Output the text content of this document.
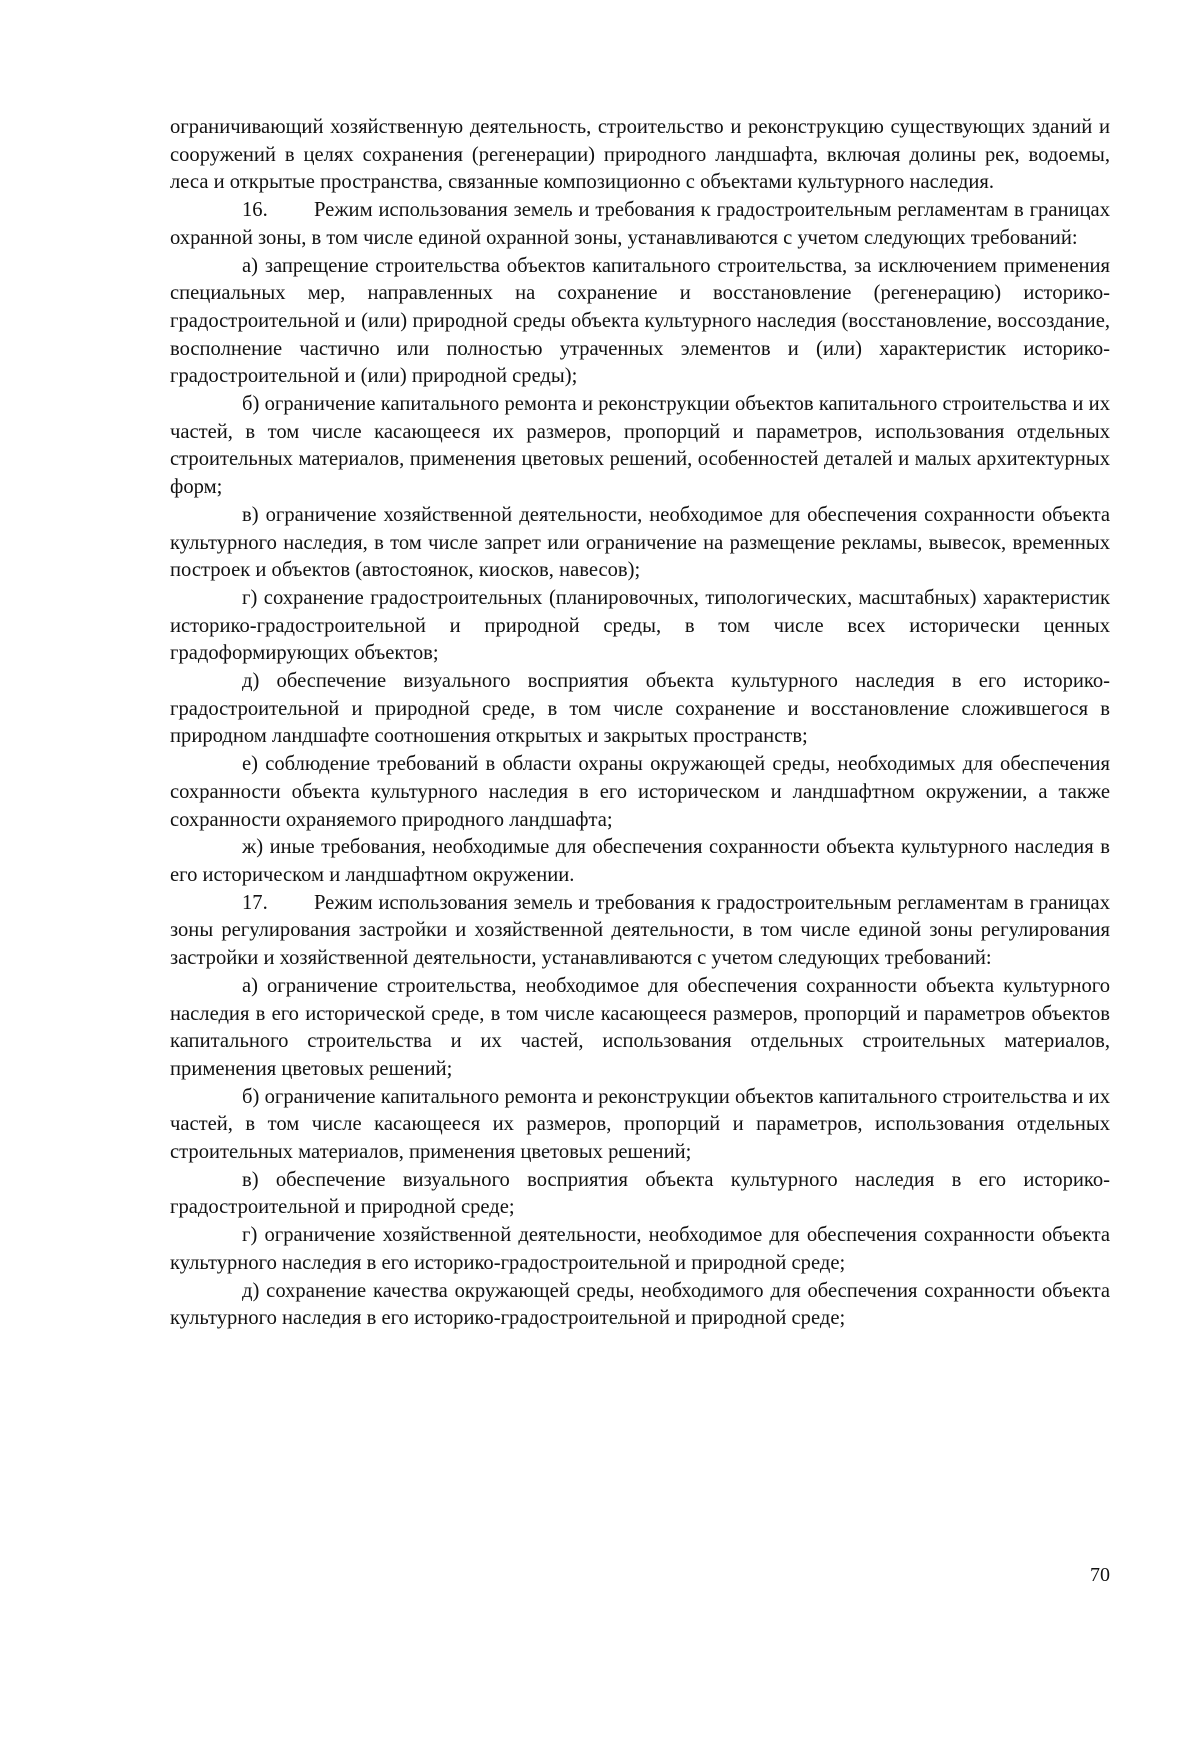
ограничивающий хозяйственную деятельность, строительство и реконструкцию существующих зданий и сооружений в целях сохранения (регенерации) природного ландшафта, включая долины рек, водоемы, леса и открытые пространства, связанные композиционно с объектами культурного наследия.

16. Режим использования земель и требования к градостроительным регламентам в границах охранной зоны, в том числе единой охранной зоны, устанавливаются с учетом следующих требований:

а) запрещение строительства объектов капитального строительства, за исключением применения специальных мер, направленных на сохранение и восстановление (регенерацию) историко-градостроительной и (или) природной среды объекта культурного наследия (восстановление, воссоздание, восполнение частично или полностью утраченных элементов и (или) характеристик историко-градостроительной и (или) природной среды);

б) ограничение капитального ремонта и реконструкции объектов капитального строительства и их частей, в том числе касающееся их размеров, пропорций и параметров, использования отдельных строительных материалов, применения цветовых решений, особенностей деталей и малых архитектурных форм;

в) ограничение хозяйственной деятельности, необходимое для обеспечения сохранности объекта культурного наследия, в том числе запрет или ограничение на размещение рекламы, вывесок, временных построек и объектов (автостоянок, киосков, навесов);

г) сохранение градостроительных (планировочных, типологических, масштабных) характеристик историко-градостроительной и природной среды, в том числе всех исторически ценных градоформирующих объектов;

д) обеспечение визуального восприятия объекта культурного наследия в его историко-градостроительной и природной среде, в том числе сохранение и восстановление сложившегося в природном ландшафте соотношения открытых и закрытых пространств;

е) соблюдение требований в области охраны окружающей среды, необходимых для обеспечения сохранности объекта культурного наследия в его историческом и ландшафтном окружении, а также сохранности охраняемого природного ландшафта;

ж) иные требования, необходимые для обеспечения сохранности объекта культурного наследия в его историческом и ландшафтном окружении.

17. Режим использования земель и требования к градостроительным регламентам в границах зоны регулирования застройки и хозяйственной деятельности, в том числе единой зоны регулирования застройки и хозяйственной деятельности, устанавливаются с учетом следующих требований:

а) ограничение строительства, необходимое для обеспечения сохранности объекта культурного наследия в его исторической среде, в том числе касающееся размеров, пропорций и параметров объектов капитального строительства и их частей, использования отдельных строительных материалов, применения цветовых решений;

б) ограничение капитального ремонта и реконструкции объектов капитального строительства и их частей, в том числе касающееся их размеров, пропорций и параметров, использования отдельных строительных материалов, применения цветовых решений;

в) обеспечение визуального восприятия объекта культурного наследия в его историко-градостроительной и природной среде;

г) ограничение хозяйственной деятельности, необходимое для обеспечения сохранности объекта культурного наследия в его историко-градостроительной и природной среде;

д) сохранение качества окружающей среды, необходимого для обеспечения сохранности объекта культурного наследия в его историко-градостроительной и природной среде;

70
